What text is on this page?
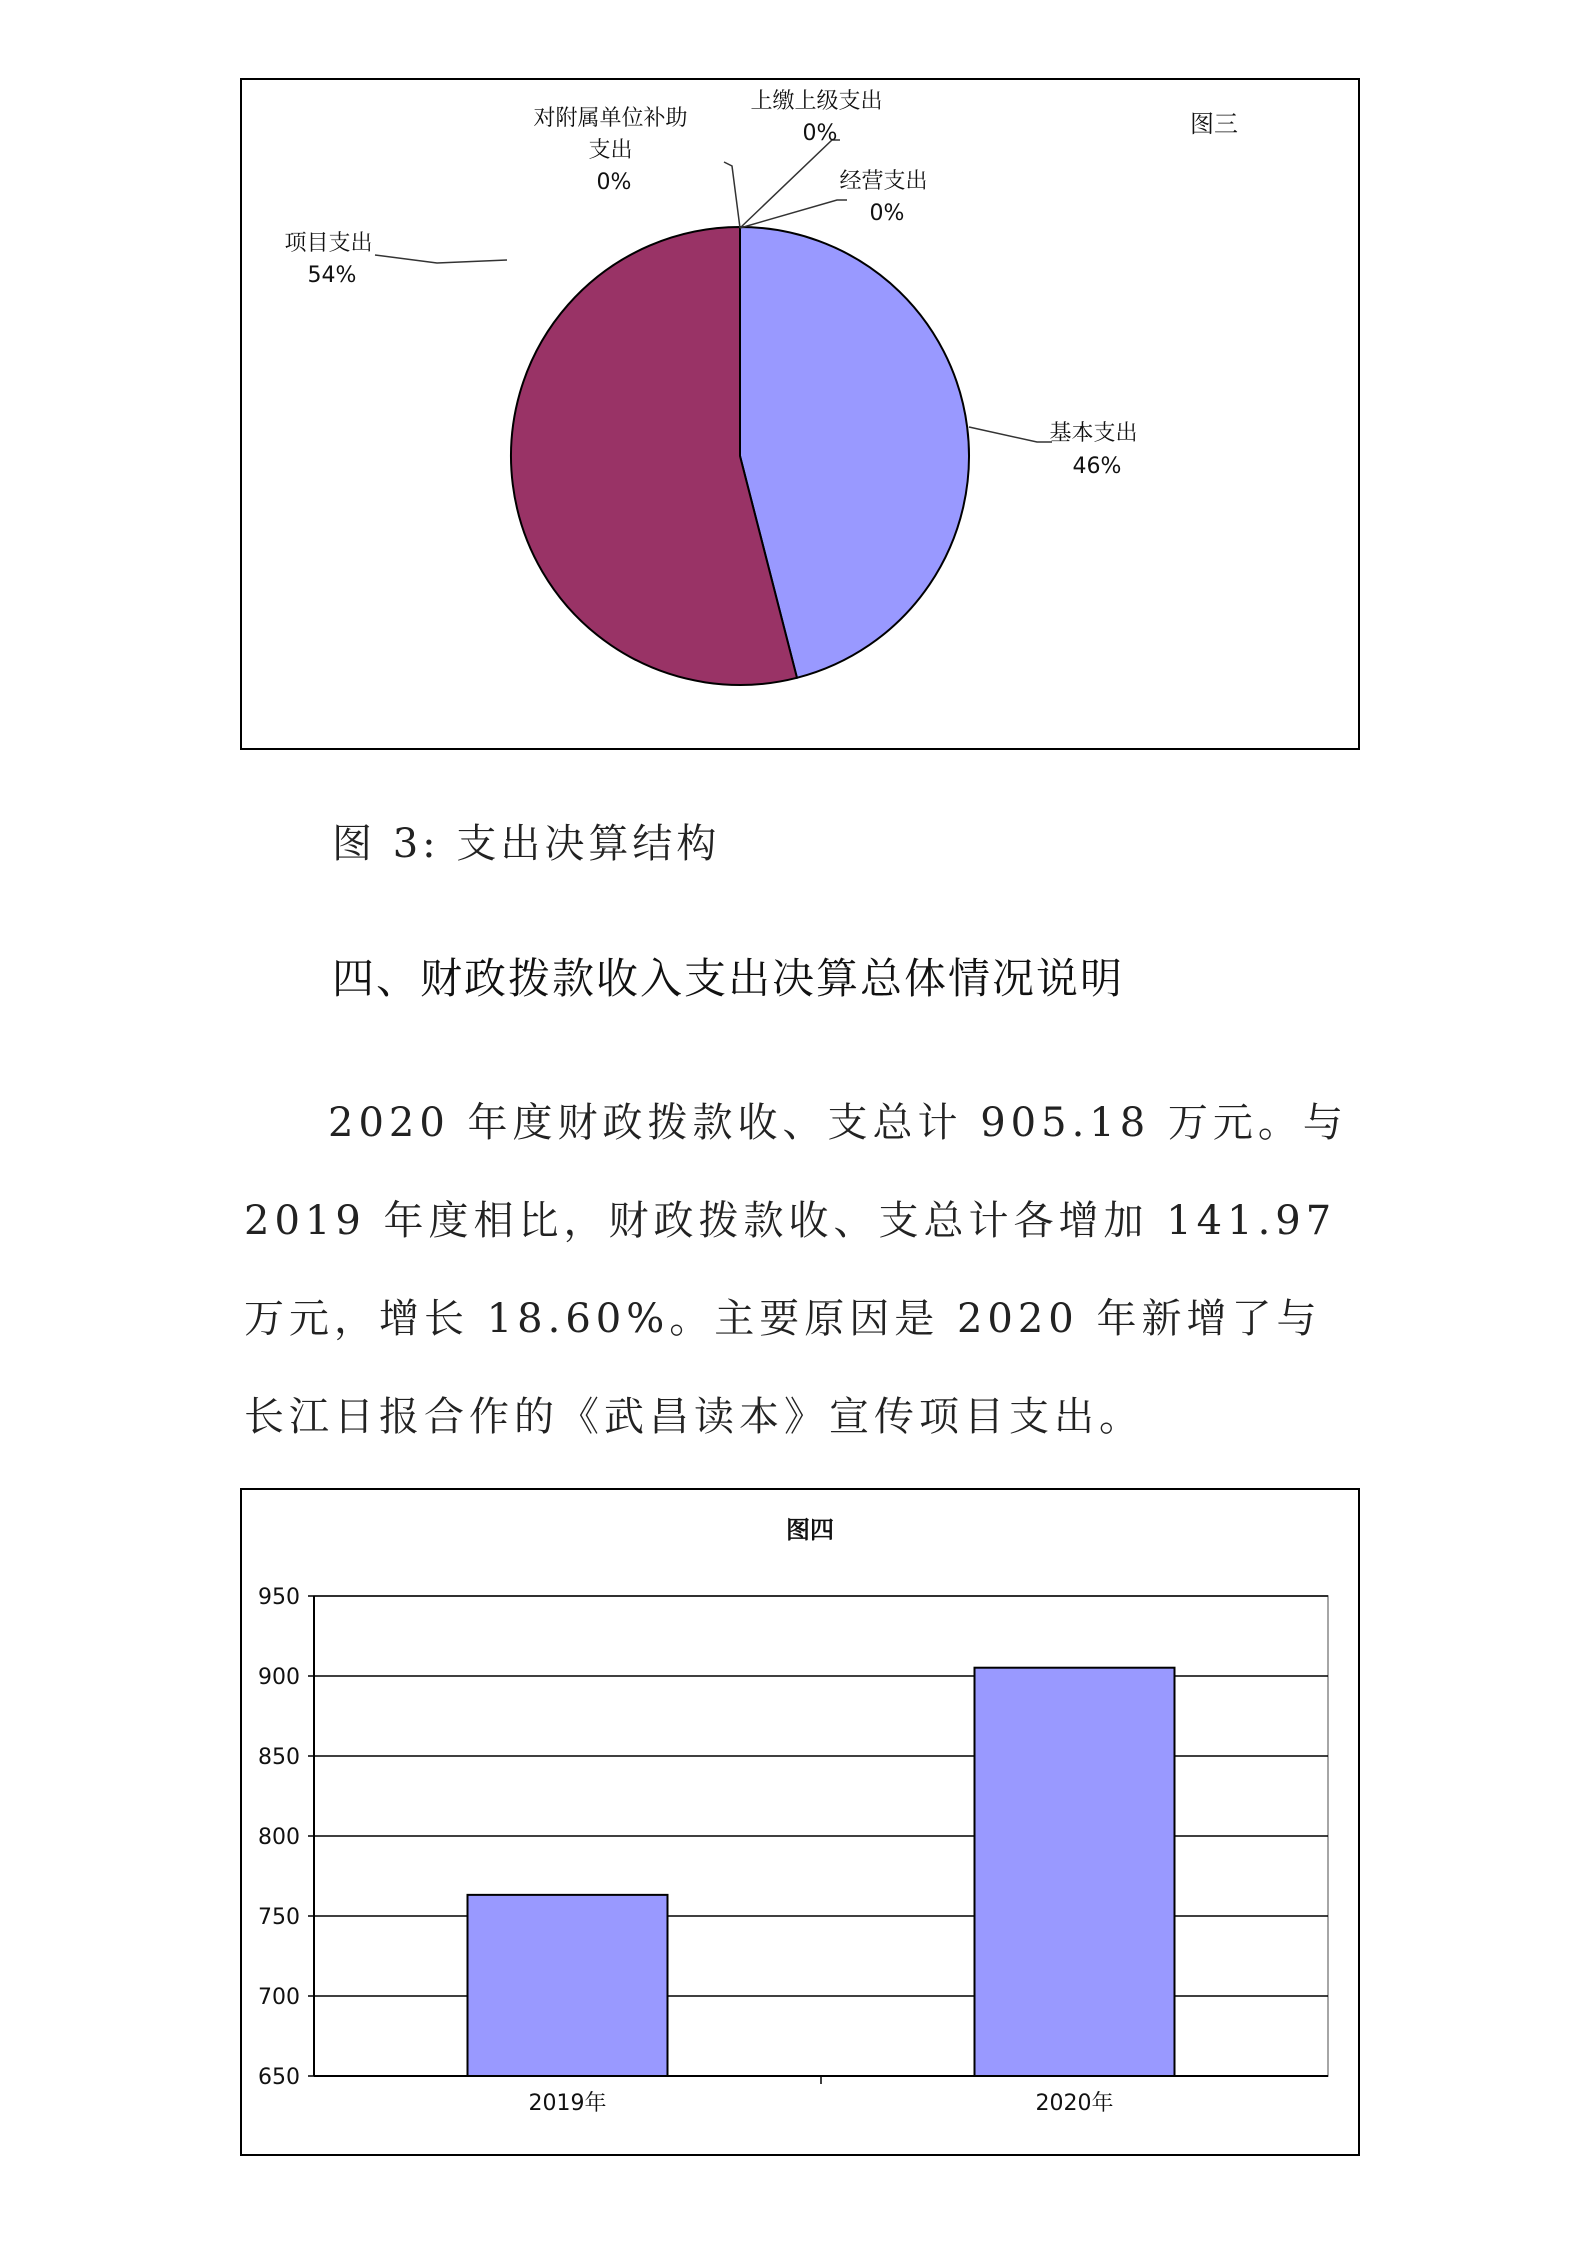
图三
基本支出 46%
项目支出 54%
对附属单位补助 支出 0%
上缴上级支出 0%
经营支出 0%
图 3: 支出决算结构
四、财政拨款收入支出决算总体情况说明

2020 年度财政拨款收、支总计 905.18 万元。与 2019 年度相比，财政拨款收、支总计各增加 141.97 万元，增长 18.60%。主要原因是 2020 年新增了与长江日报合作的《武昌读本》宣传项目支出。

图四
950
900
850
800
750
700
650
2019年	2020年
